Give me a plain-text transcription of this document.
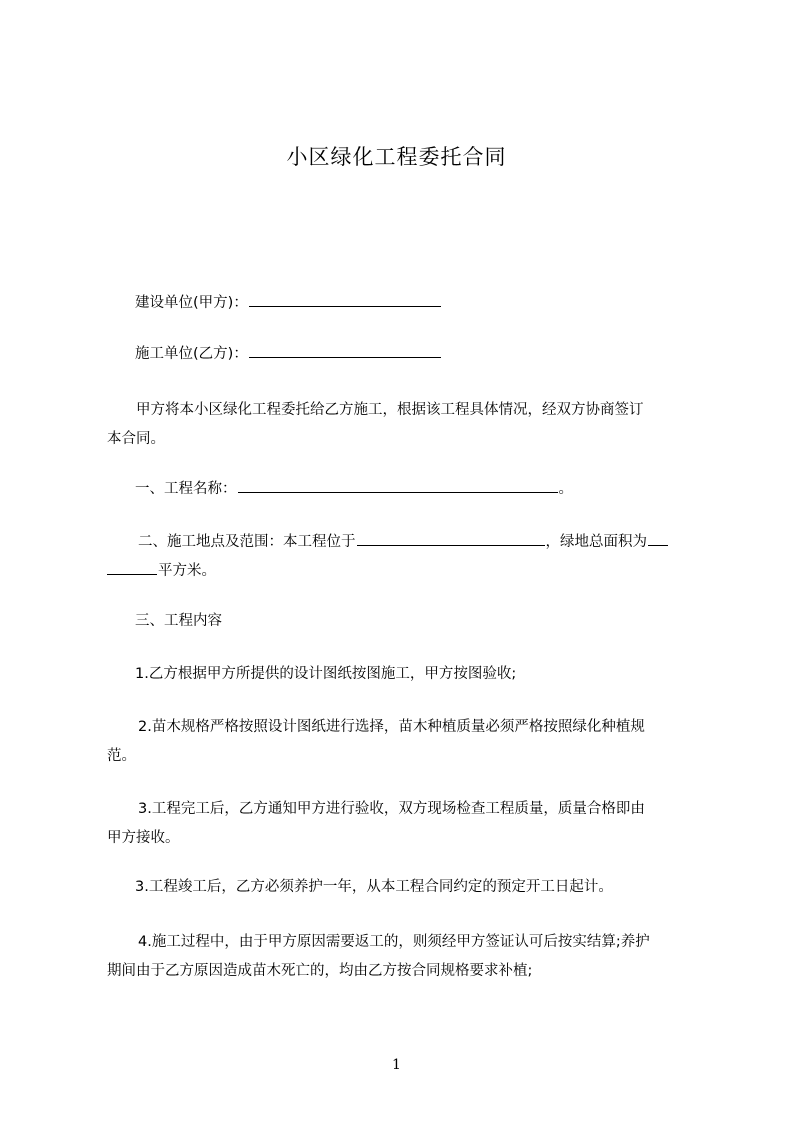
小区绿化工程委托合同
建设单位(甲方)：
施工单位(乙方)：
甲方将本小区绿化工程委托给乙方施工，根据该工程具体情况，经双方协商签订
本合同。
一、工程名称：	。
二、施工地点及范围：本工程位于	，绿地总面积为
平方米。
三、工程内容
1.乙方根据甲方所提供的设计图纸按图施工，甲方按图验收;
2.苗木规格严格按照设计图纸进行选择，苗木种植质量必须严格按照绿化种植规
范。
3.工程完工后，乙方通知甲方进行验收，双方现场检查工程质量，质量合格即由
甲方接收。
3.工程竣工后，乙方必须养护一年，从本工程合同约定的预定开工日起计。
4.施工过程中，由于甲方原因需要返工的，则须经甲方签证认可后按实结算;养护
期间由于乙方原因造成苗木死亡的，均由乙方按合同规格要求补植;
1
